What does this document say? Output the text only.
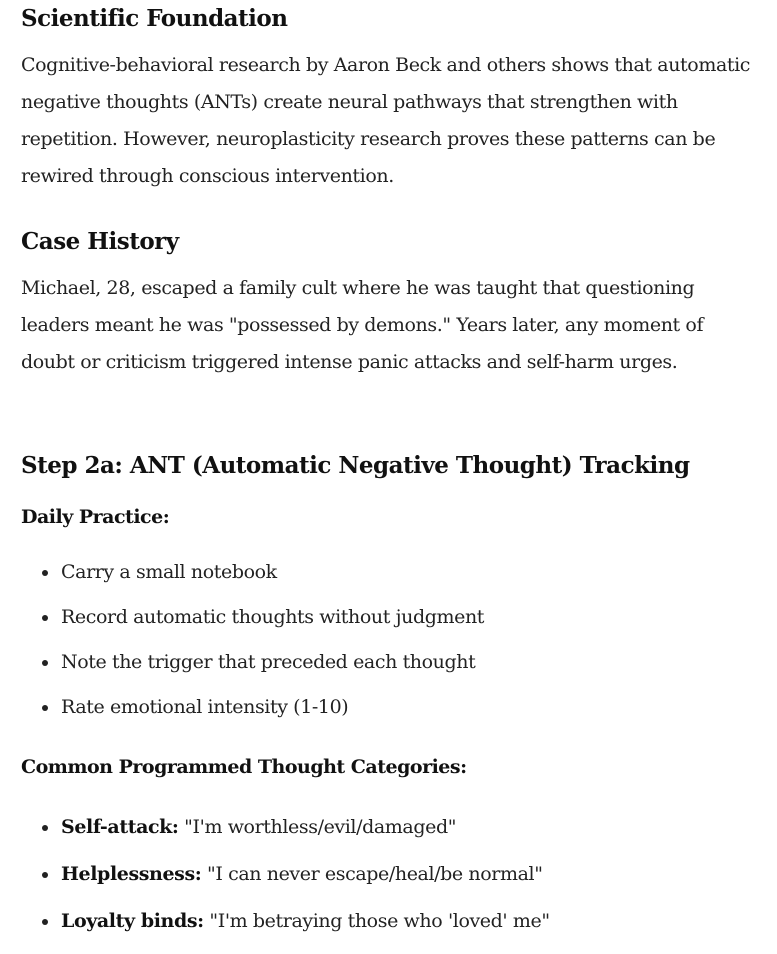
Scientific Foundation

Cognitive-behavioral research by Aaron Beck and others shows that automatic negative thoughts (ANTs) create neural pathways that strengthen with repetition. However, neuroplasticity research proves these patterns can be rewired through conscious intervention.

Case History

Michael, 28, escaped a family cult where he was taught that questioning leaders meant he was "possessed by demons." Years later, any moment of doubt or criticism triggered intense panic attacks and self-harm urges.

Step 2a: ANT (Automatic Negative Thought) Tracking
Daily Practice:
Carry a small notebook
Record automatic thoughts without judgment
Note the trigger that preceded each thought
Rate emotional intensity (1-10)
Common Programmed Thought Categories:
Self-attack: "I'm worthless/evil/damaged"
Helplessness: "I can never escape/heal/be normal"
Loyalty binds: "I'm betraying those who 'loved' me"
